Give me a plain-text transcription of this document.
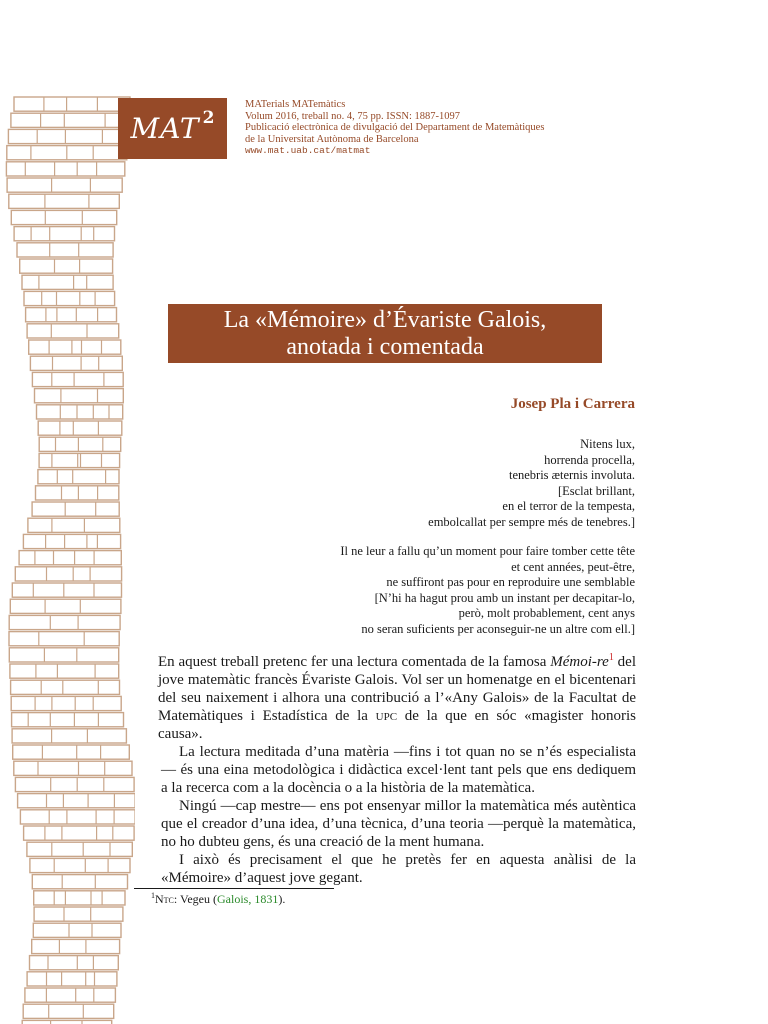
MAT 2
MATerials MATemàtics
Volum 2016, treball no. 4, 75 pp. ISSN: 1887-1097
Publicació electrònica de divulgació del Departament de Matemàtiques
de la Universitat Autònoma de Barcelona
www.mat.uab.cat/matmat
La «Mémoire» d’Évariste Galois,
anotada i comentada
Josep Pla i Carrera
Nitens lux,
horrenda procella,
tenebris æternis involuta.
[Esclat brillant,
en el terror de la tempesta,
embolcallat per sempre més de tenebres.]
Il ne leur a fallu qu’un moment pour faire tomber cette tête
et cent années, peut-être,
ne suffiront pas pour en reproduire une semblable
[N’hi ha hagut prou amb un instant per decapitar-lo,
però, molt probablement, cent anys
no seran suficients per aconseguir-ne un altre com ell.]

En aquest treball pretenc fer una lectura comentada de la famosa Mémoi-re$^1$ del jove matemàtic francès Évariste Galois. Vol ser un homenatge en el bicentenari del seu naixement i alhora una contribució a l’«Any Galois» de la Facultat de Matemàtiques i Estadística de la upc de la que en sóc «magister honoris causa».

La lectura meditada d’una matèria —fins i tot quan no se n’és especialista— és una eina metodològica i didàctica excel·lent tant pels que ens dediquem a la recerca com a la docència o a la història de la matemàtica.

Ningú —cap mestre— ens pot ensenyar millor la matemàtica més autèntica que el creador d’una idea, d’una tècnica, d’una teoria —perquè la matemàtica, no ho dubteu gens, és una creació de la ment humana.

I això és precisament el que he pretès fer en aquesta anàlisi de la «Mémoire» d’aquest jove gegant.

$^1$Ntc: Vegeu (Galois, 1831).
